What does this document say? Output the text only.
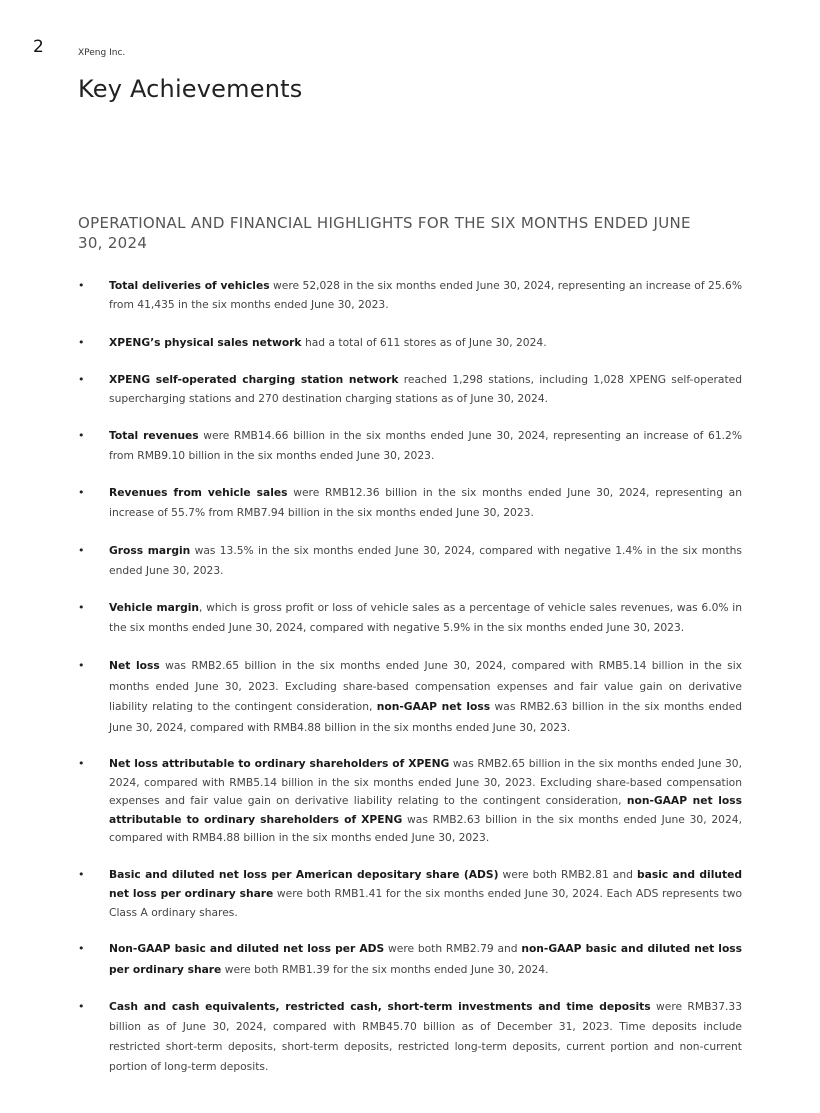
2	XPeng Inc.
Key Achievements
OPERATIONAL AND FINANCIAL HIGHLIGHTS FOR THE SIX MONTHS ENDED JUNE 30, 2024
• Total deliveries of vehicles were 52,028 in the six months ended June 30, 2024, representing an increase of 25.6% from 41,435 in the six months ended June 30, 2023.
• XPENG’s physical sales network had a total of 611 stores as of June 30, 2024.
• XPENG self-operated charging station network reached 1,298 stations, including 1,028 XPENG self-operated supercharging stations and 270 destination charging stations as of June 30, 2024.
• Total revenues were RMB14.66 billion in the six months ended June 30, 2024, representing an increase of 61.2% from RMB9.10 billion in the six months ended June 30, 2023.
• Revenues from vehicle sales were RMB12.36 billion in the six months ended June 30, 2024, representing an increase of 55.7% from RMB7.94 billion in the six months ended June 30, 2023.
• Gross margin was 13.5% in the six months ended June 30, 2024, compared with negative 1.4% in the six months ended June 30, 2023.
• Vehicle margin, which is gross profit or loss of vehicle sales as a percentage of vehicle sales revenues, was 6.0% in the six months ended June 30, 2024, compared with negative 5.9% in the six months ended June 30, 2023.
• Net loss was RMB2.65 billion in the six months ended June 30, 2024, compared with RMB5.14 billion in the six months ended June 30, 2023. Excluding share-based compensation expenses and fair value gain on derivative liability relating to the contingent consideration, non-GAAP net loss was RMB2.63 billion in the six months ended June 30, 2024, compared with RMB4.88 billion in the six months ended June 30, 2023.
• Net loss attributable to ordinary shareholders of XPENG was RMB2.65 billion in the six months ended June 30, 2024, compared with RMB5.14 billion in the six months ended June 30, 2023. Excluding share-based compensation expenses and fair value gain on derivative liability relating to the contingent consideration, non-GAAP net loss attributable to ordinary shareholders of XPENG was RMB2.63 billion in the six months ended June 30, 2024, compared with RMB4.88 billion in the six months ended June 30, 2023.
• Basic and diluted net loss per American depositary share (ADS) were both RMB2.81 and basic and diluted net loss per ordinary share were both RMB1.41 for the six months ended June 30, 2024. Each ADS represents two Class A ordinary shares.
• Non-GAAP basic and diluted net loss per ADS were both RMB2.79 and non-GAAP basic and diluted net loss per ordinary share were both RMB1.39 for the six months ended June 30, 2024.
• Cash and cash equivalents, restricted cash, short-term investments and time deposits were RMB37.33 billion as of June 30, 2024, compared with RMB45.70 billion as of December 31, 2023. Time deposits include restricted short-term deposits, short-term deposits, restricted long-term deposits, current portion and non-current portion of long-term deposits.
